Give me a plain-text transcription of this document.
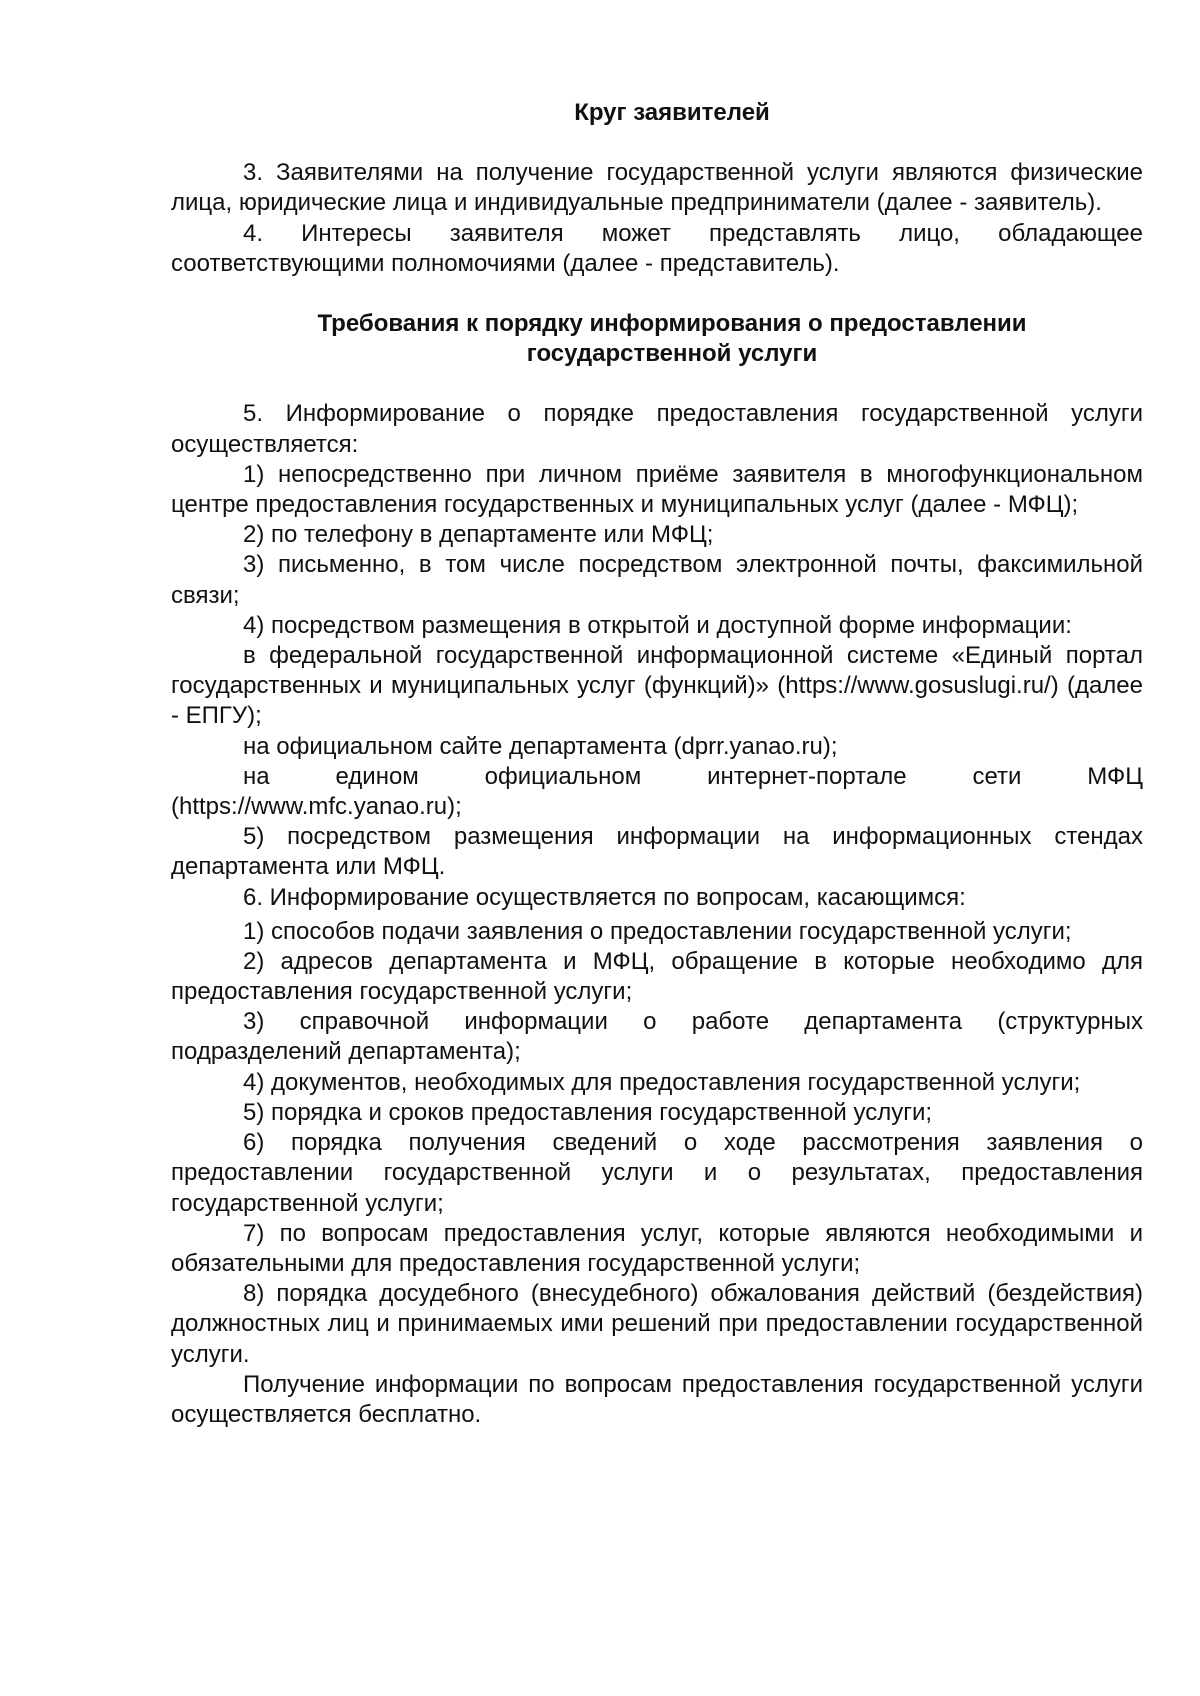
Круг заявителей

3. Заявителями на получение государственной услуги являются физические лица, юридические лица и индивидуальные предприниматели (далее - заявитель).

4. Интересы заявителя может представлять лицо, обладающее соответствующими полномочиями (далее - представитель).

Требования к порядку информирования о предоставлении
государственной услуги

5. Информирование о порядке предоставления государственной услуги осуществляется:

1) непосредственно при личном приёме заявителя в многофункциональном центре предоставления государственных и муниципальных услуг (далее - МФЦ);

2) по телефону в департаменте или МФЦ;

3) письменно, в том числе посредством электронной почты, факсимильной связи;

4) посредством размещения в открытой и доступной форме информации:

в федеральной государственной информационной системе «Единый портал государственных и муниципальных услуг (функций)» (https://www.gosuslugi.ru/) (далее - ЕПГУ);

на официальном сайте департамента (dprr.yanao.ru);

на едином официальном интернет-портале сети МФЦ (https://www.mfc.yanao.ru);

5) посредством размещения информации на информационных стендах департамента или МФЦ.

6. Информирование осуществляется по вопросам, касающимся:

1) способов подачи заявления о предоставлении государственной услуги;

2) адресов департамента и МФЦ, обращение в которые необходимо для предоставления государственной услуги;

3) справочной информации о работе департамента (структурных подразделений департамента);

4) документов, необходимых для предоставления государственной услуги;

5) порядка и сроков предоставления государственной услуги;

6) порядка получения сведений о ходе рассмотрения заявления о предоставлении государственной услуги и о результатах, предоставления государственной услуги;

7) по вопросам предоставления услуг, которые являются необходимыми и обязательными для предоставления государственной услуги;

8) порядка досудебного (внесудебного) обжалования действий (бездействия) должностных лиц и принимаемых ими решений при предоставлении государственной услуги.

Получение информации по вопросам предоставления государственной услуги осуществляется бесплатно.
